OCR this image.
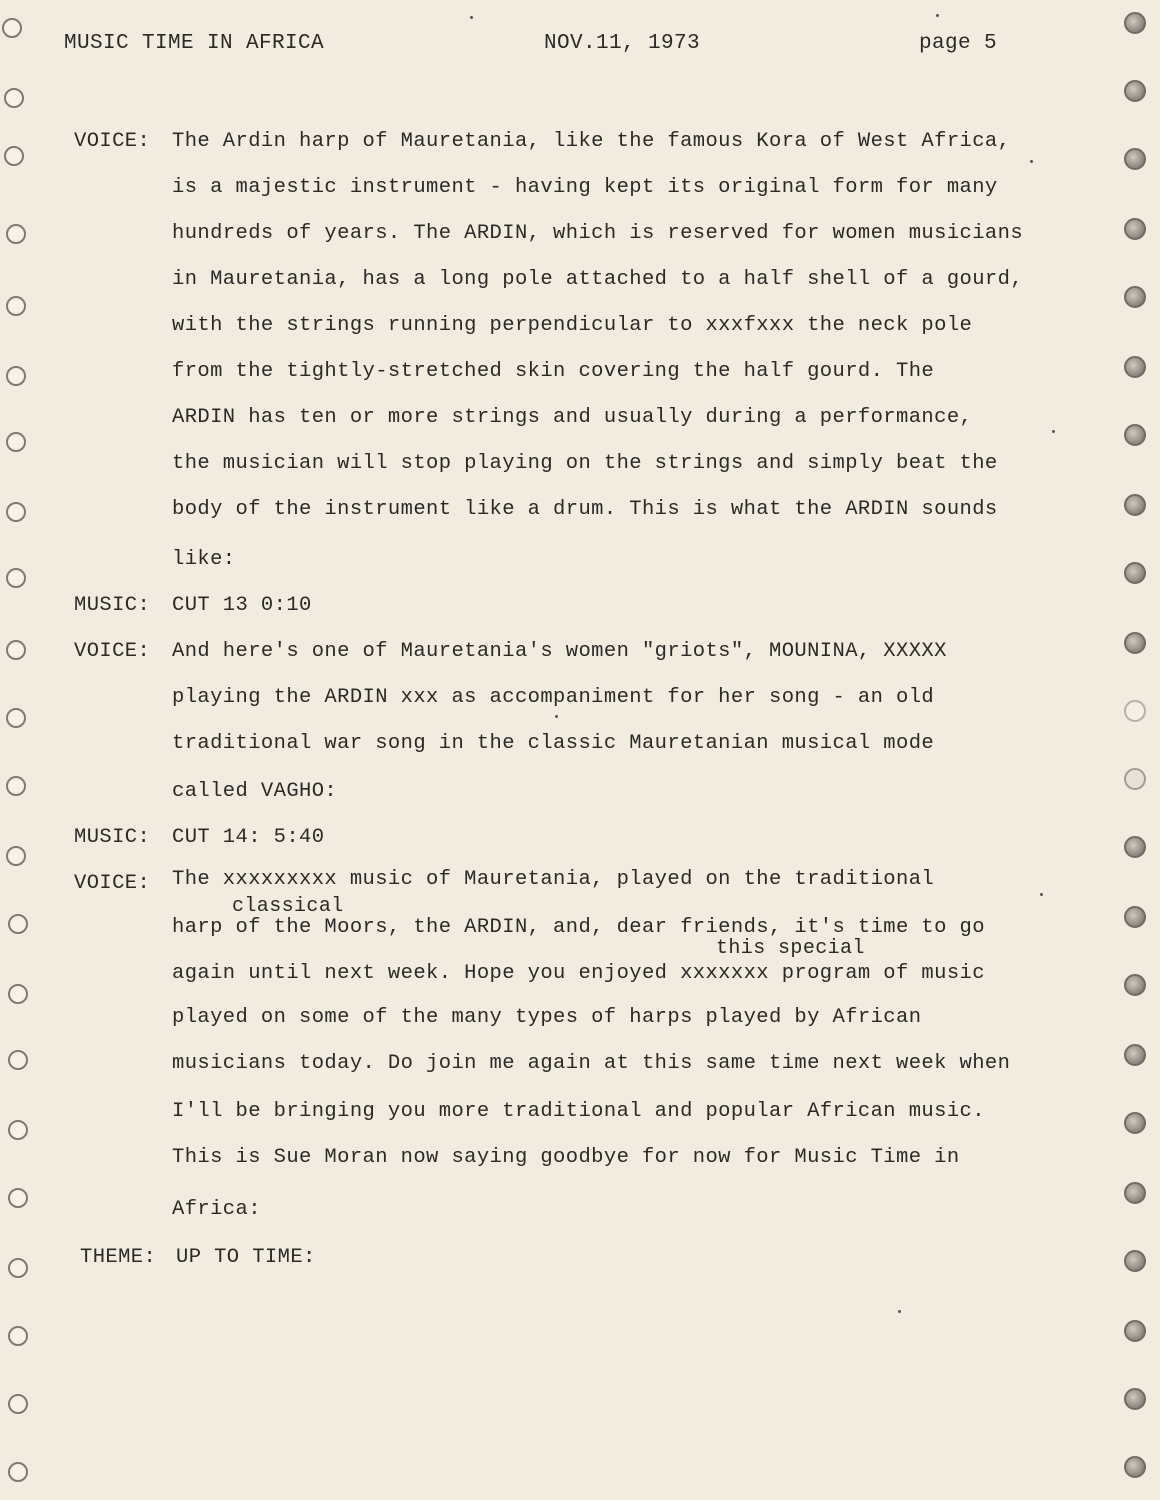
MUSIC TIME IN AFRICA	NOV.11, 1973	page 5
VOICE: The Ardin harp of Mauretania, like the famous Kora of West Africa,
is a majestic instrument - having kept its original form for many
hundreds of years. The ARDIN, which is reserved for women musicians
in Mauretania, has a long pole attached to a half shell of a gourd,
with the strings running perpendicular to xxxfxxx the neck pole
from the tightly-stretched skin covering the half gourd. The
ARDIN has ten or more strings and usually during a performance,
the musician will stop playing on the strings and simply beat the
body of the instrument like a drum. This is what the ARDIN sounds
like:
MUSIC: CUT 13 0:10
VOICE: And here's one of Mauretania's women "griots", MOUNINA, XXXXX
playing the ARDIN xxx as accompaniment for her song - an old
traditional war song in the classic Mauretanian musical mode
called VAGHO:
MUSIC: CUT 14: 5:40
VOICE: The xxxxxxxxx music of Mauretania, played on the traditional
classical
harp of the Moors, the ARDIN, and, dear friends, it's time to go
this special
again until next week. Hope you enjoyed xxxxxxx program of music
played on some of the many types of harps played by African
musicians today. Do join me again at this same time next week when
I'll be bringing you more traditional and popular African music.
This is Sue Moran now saying goodbye for now for Music Time in
Africa:
THEME: UP TO TIME:
